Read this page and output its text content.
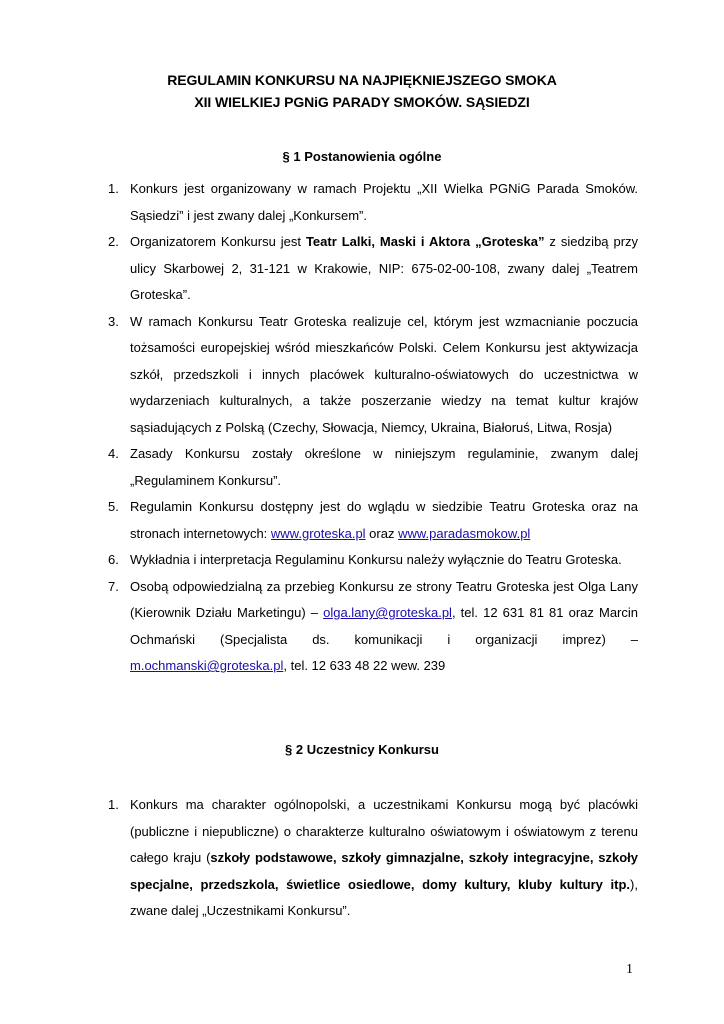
REGULAMIN KONKURSU NA NAJPIĘKNIEJSZEGO SMOKA
XII WIELKIEJ PGNiG PARADY SMOKÓW. SĄSIEDZI
§ 1 Postanowienia ogólne
1. Konkurs jest organizowany w ramach Projektu „XII Wielka PGNiG Parada Smoków. Sąsiedzi” i jest zwany dalej „Konkursem”.
2. Organizatorem Konkursu jest Teatr Lalki, Maski i Aktora „Groteska” z siedzibą przy ulicy Skarbowej 2, 31-121 w Krakowie, NIP: 675-02-00-108, zwany dalej „Teatrem Groteska”.
3. W ramach Konkursu Teatr Groteska realizuje cel, którym jest wzmacnianie poczucia tożsamości europejskiej wśród mieszkańców Polski. Celem Konkursu jest aktywizacja szkół, przedszkoli i innych placówek kulturalno-oświatowych do uczestnictwa w wydarzeniach kulturalnych, a także poszerzanie wiedzy na temat kultur krajów sąsiadujących z Polską (Czechy, Słowacja, Niemcy, Ukraina, Białoruś, Litwa, Rosja)
4. Zasady Konkursu zostały określone w niniejszym regulaminie, zwanym dalej „Regulaminem Konkursu”.
5. Regulamin Konkursu dostępny jest do wglądu w siedzibie Teatru Groteska oraz na stronach internetowych: www.groteska.pl oraz www.paradasmokow.pl
6. Wykładnia i interpretacja Regulaminu Konkursu należy wyłącznie do Teatru Groteska.
7. Osobą odpowiedzialną za przebieg Konkursu ze strony Teatru Groteska jest Olga Lany (Kierownik Działu Marketingu) – olga.lany@groteska.pl, tel. 12 631 81 81 oraz Marcin Ochmański (Specjalista ds. komunikacji i organizacji imprez) – m.ochmanski@groteska.pl, tel. 12 633 48 22 wew. 239
§ 2 Uczestnicy Konkursu
1. Konkurs ma charakter ogólnopolski, a uczestnikami Konkursu mogą być placówki (publiczne i niepubliczne) o charakterze kulturalno oświatowym i oświatowym z terenu całego kraju (szkoły podstawowe, szkoły gimnazjalne, szkoły integracyjne, szkoły specjalne, przedszkola, świetlice osiedlowe, domy kultury, kluby kultury itp.), zwane dalej „Uczestnikami Konkursu”.
1
